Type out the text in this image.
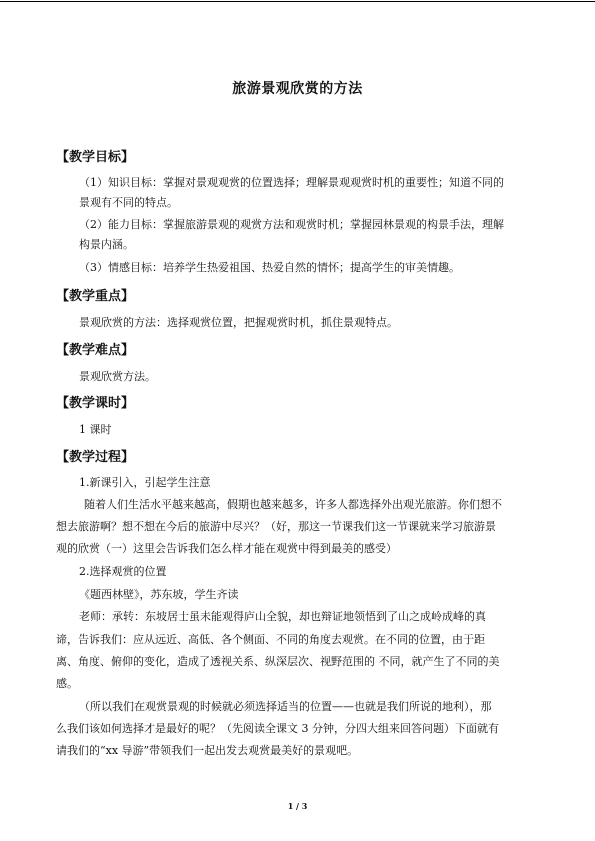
旅游景观欣赏的方法
【教学目标】

（1）知识目标：掌握对景观观赏的位置选择；理解景观观赏时机的重要性；知道不同的

景观有不同的特点。

（2）能力目标：掌握旅游景观的观赏方法和观赏时机；掌握园林景观的构景手法，理解

构景内涵。

（3）情感目标：培养学生热爱祖国、热爱自然的情怀；提高学生的审美情趣。

【教学重点】

景观欣赏的方法：选择观赏位置，把握观赏时机，抓住景观特点。

【教学难点】

景观欣赏方法。

【教学课时】

1 课时

【教学过程】

1.新课引入，引起学生注意

随着人们生活水平越来越高，假期也越来越多，许多人都选择外出观光旅游。你们想不

想去旅游啊？想不想在今后的旅游中尽兴？（好，那这一节课我们这一节课就来学习旅游景

观的欣赏（一）这里会告诉我们怎么样才能在观赏中得到最美的感受）

2.选择观赏的位置

《题西林壁》，苏东坡，学生齐读

老师：承转：东坡居士虽未能观得庐山全貌，却也辩证地领悟到了山之成岭成峰的真

谛，告诉我们：应从远近、高低、各个侧面、不同的角度去观赏。在不同的位置，由于距

离、角度、俯仰的变化，造成了透视关系、纵深层次、视野范围的 不同，就产生了不同的美

感。

（所以我们在观赏景观的时候就必须选择适当的位置——也就是我们所说的地利），那

么我们该如何选择才是最好的呢？（先阅读全课文 3 分钟，分四大组来回答问题）下面就有

请我们的“xx 导游”带领我们一起出发去观赏最美好的景观吧。

1 / 3
